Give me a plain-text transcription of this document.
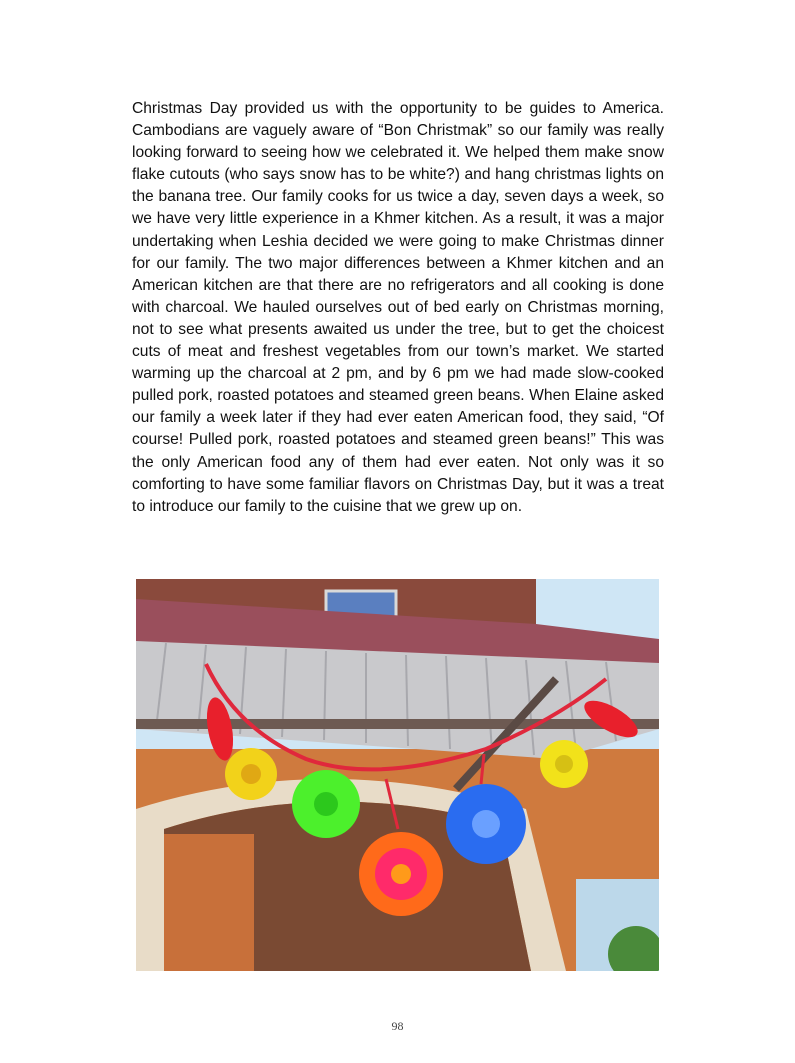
Christmas Day provided us with the opportunity to be guides to America. Cambodians are vaguely aware of “Bon Christmak” so our family was really looking forward to seeing how we celebrated it. We helped them make snow flake cutouts (who says snow has to be white?) and hang christmas lights on the banana tree. Our family cooks for us twice a day, seven days a week, so we have very little experience in a Khmer kitchen. As a result, it was a major undertaking when Leshia decided we were going to make Christmas dinner for our family. The two major differences between a Khmer kitchen and an American kitchen are that there are no refrigerators and all cooking is done with charcoal. We hauled ourselves out of bed early on Christmas morning, not to see what presents awaited us under the tree, but to get the choicest cuts of meat and freshest vegetables from our town’s market. We started warming up the charcoal at 2 pm, and by 6 pm we had made slow-cooked pulled pork, roasted potatoes and steamed green beans. When Elaine asked our family a week later if they had ever eaten American food, they said, “Of course! Pulled pork, roasted potatoes and steamed green beans!” This was the only American food any of them had ever eaten. Not only was it so comforting to have some familiar flavors on Christmas Day, but it was a treat to introduce our family to the cuisine that we grew up on.

98
